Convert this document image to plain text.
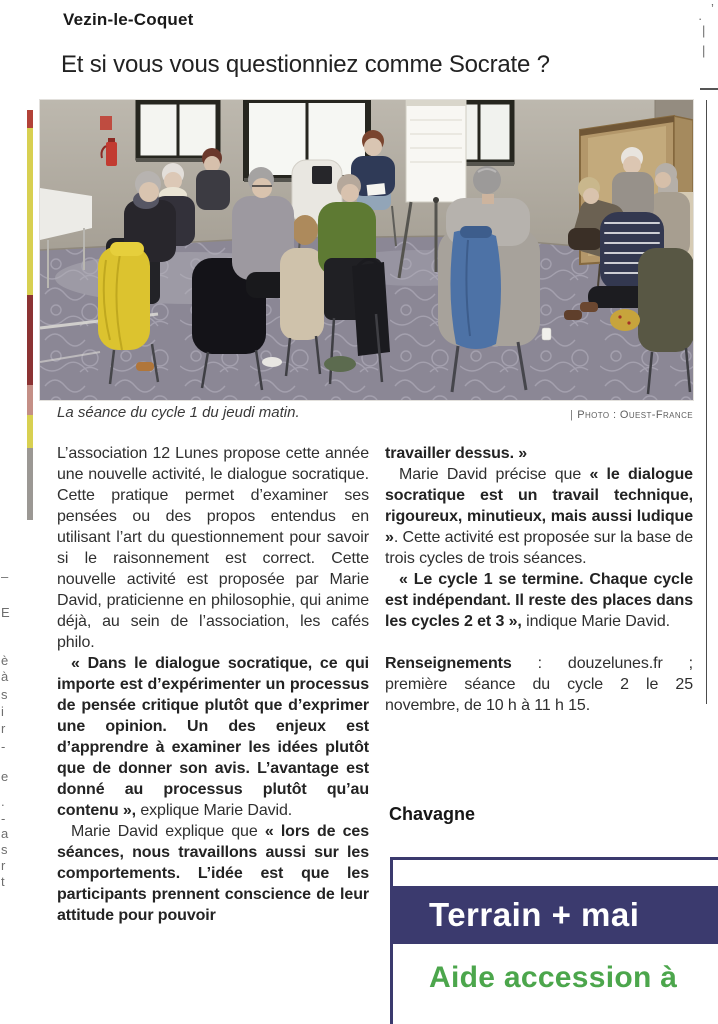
–
E
è
à
s
i
r
-
e
.
-
a
s
r
t
’
·
|
|
Vezin-le-Coquet
Et si vous vous questionniez comme Socrate ?
La séance du cycle 1 du jeudi matin.	| Photo : Ouest-France

L’association 12 Lunes propose cette année une nouvelle activité, le dialogue socratique. Cette pratique permet d’examiner ses pensées ou des propos entendus en utilisant l’art du questionnement pour savoir si le raisonnement est correct. Cette nouvelle activité est proposée par Marie David, praticienne en philosophie, qui anime déjà, au sein de l’association, les cafés philo.

« Dans le dialogue socratique, ce qui importe est d’expérimenter un processus de pensée critique plutôt que d’exprimer une opinion. Un des enjeux est d’apprendre à examiner les idées plutôt que de donner son avis. L’avantage est donné au processus plutôt qu’au contenu », explique Marie David.

Marie David explique que « lors de ces séances, nous travaillons aussi sur les comportements. L’idée est que les participants prennent conscience de leur attitude pour pouvoir

travailler dessus. »

Marie David précise que « le dialogue socratique est un travail technique, rigoureux, minutieux, mais aussi ludique ». Cette activité est proposée sur la base de trois cycles de trois séances.

« Le cycle 1 se termine. Chaque cycle est indépendant. Il reste des places dans les cycles 2 et 3 », indique Marie David.

Renseignements : douzelunes.fr ; première séance du cycle 2 le 25 novembre, de 10 h à 11 h 15.

Chavagne
Terrain + mai
Aide accession à
